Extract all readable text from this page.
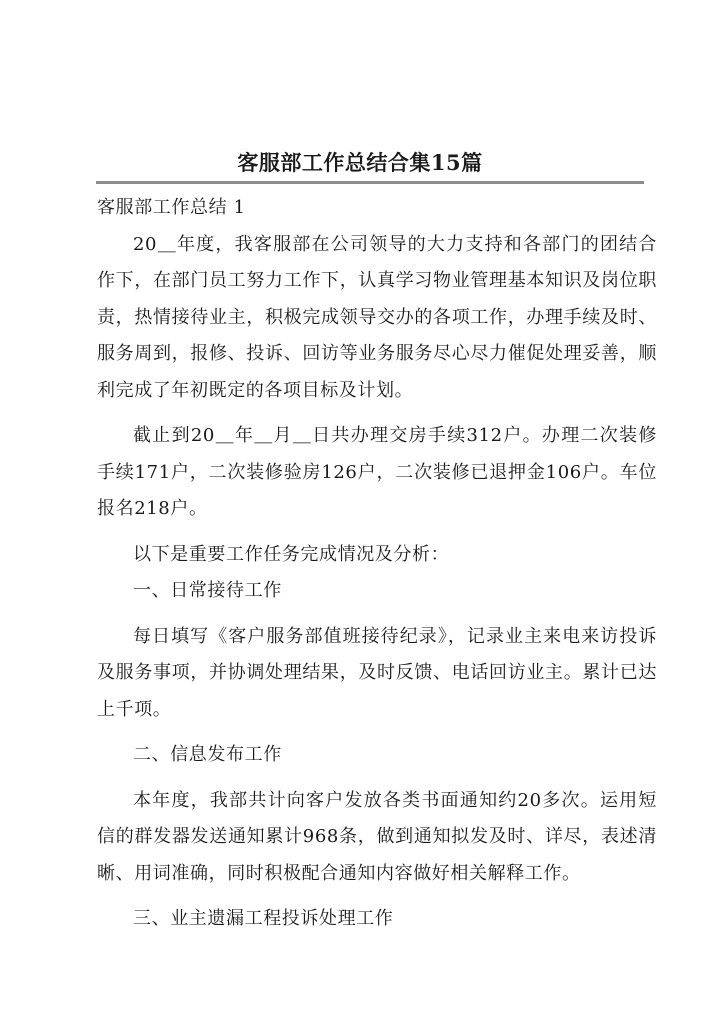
客服部工作总结合集15篇

客服部工作总结 1

20＿年度，我客服部在公司领导的大力支持和各部门的团结合作下，在部门员工努力工作下，认真学习物业管理基本知识及岗位职责，热情接待业主，积极完成领导交办的各项工作，办理手续及时、服务周到，报修、投诉、回访等业务服务尽心尽力催促处理妥善，顺利完成了年初既定的各项目标及计划。

截止到20＿年＿月＿日共办理交房手续312户。办理二次装修手续171户，二次装修验房126户，二次装修已退押金106户。车位报名218户。

以下是重要工作任务完成情况及分析：

一、日常接待工作

每日填写《客户服务部值班接待纪录》，记录业主来电来访投诉及服务事项，并协调处理结果，及时反馈、电话回访业主。累计已达上千项。

二、信息发布工作

本年度，我部共计向客户发放各类书面通知约20多次。运用短信的群发器发送通知累计968条，做到通知拟发及时、详尽，表述清晰、用词准确，同时积极配合通知内容做好相关解释工作。

三、业主遗漏工程投诉处理工作
